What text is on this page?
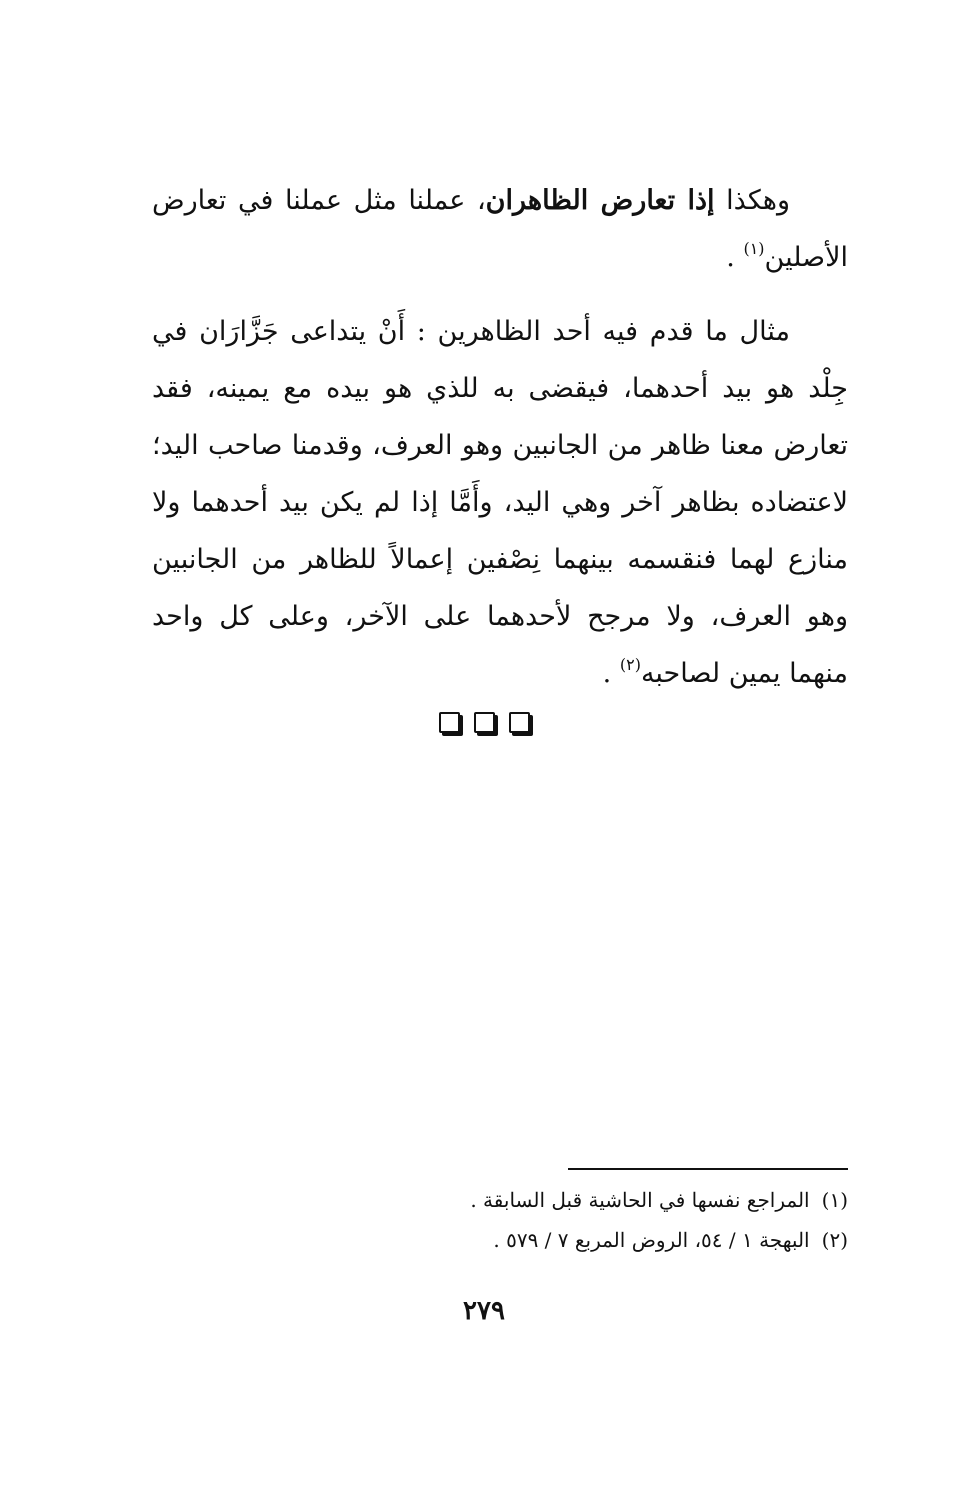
وهكذا إذا تعارض الظاهران، عملنا مثل عملنا في تعارض الأصلين$^{(١)}$ .

مثال ما قدم فيه أحد الظاهرين : أَنْ يتداعى جَزَّارَان في جِلْد هو بيد أحدهما، فيقضى به للذي هو بيده مع يمينه، فقد تعارض معنا ظاهر من الجانبين وهو العرف، وقدمنا صاحب اليد؛ لاعتضاده بظاهر آخر وهي اليد، وأَمَّا إذا لم يكن بيد أحدهما ولا منازع لهما فنقسمه بينهما نِصْفين إعمالاً للظاهر من الجانبين وهو العرف، ولا مرجح لأحدهما على الآخر، وعلى كل واحد منهما يمين لصاحبه$^{(٢)}$ .

(١)المراجع نفسها في الحاشية قبل السابقة .

(٢)البهجة ١ / ٥٤، الروض المربع ٧ / ٥٧٩ .

٢٧٩
